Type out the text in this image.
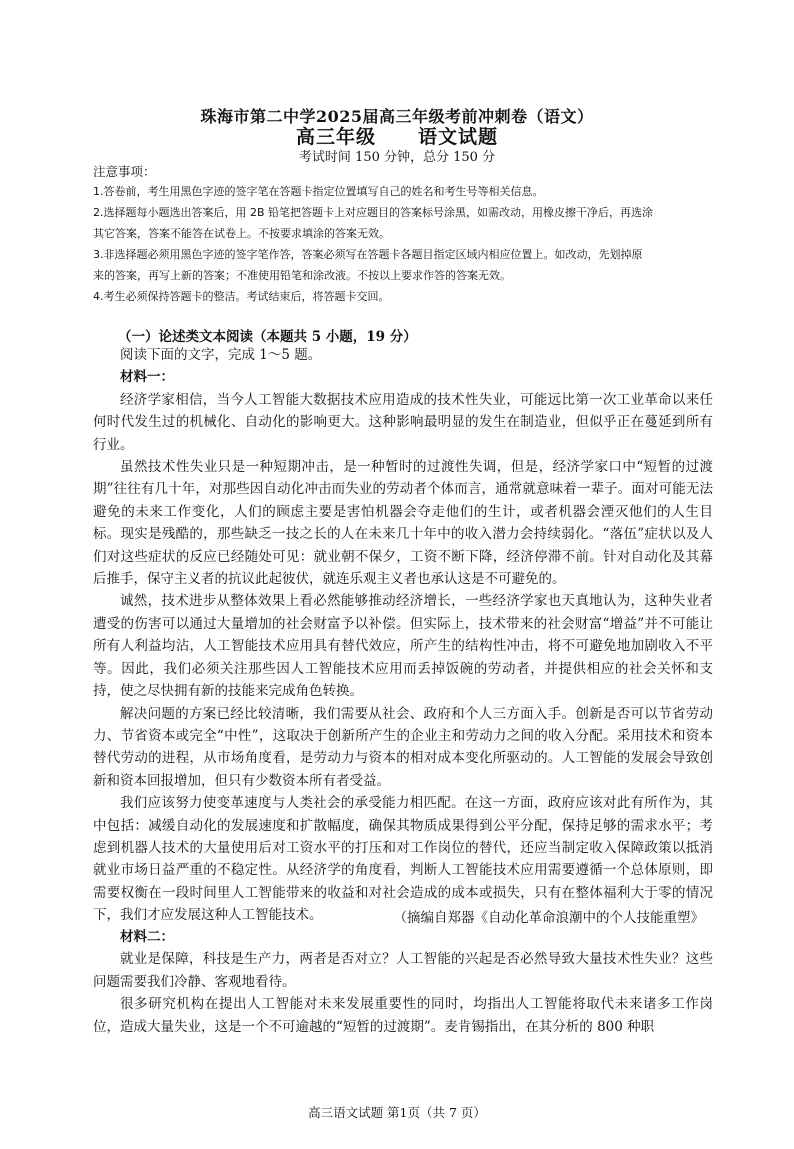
珠海市第二中学2025届高三年级考前冲刺卷（语文）
高三年级 语文试题
考试时间 150 分钟，总分 150 分
注意事项：
1.答卷前，考生用黑色字迹的签字笔在答题卡指定位置填写自己的姓名和考生号等相关信息。
2.选择题每小题选出答案后，用 2B 铅笔把答题卡上对应题目的答案标号涂黑，如需改动，用橡皮擦干净后，再选涂
其它答案，答案不能答在试卷上。不按要求填涂的答案无效。
3.非选择题必须用黑色字迹的签字笔作答，答案必须写在答题卡各题目指定区域内相应位置上。如改动，先划掉原
来的答案，再写上新的答案；不准使用铅笔和涂改液。不按以上要求作答的答案无效。
4.考生必须保持答题卡的整洁。考试结束后，将答题卡交回。
（一）论述类文本阅读（本题共 5 小题，19 分）

阅读下面的文字，完成 1～5 题。

材料一：

经济学家相信，当今人工智能大数据技术应用造成的技术性失业，可能远比第一次工业革命以来任何时代发生过的机械化、自动化的影响更大。这种影响最明显的发生在制造业，但似乎正在蔓延到所有行业。

虽然技术性失业只是一种短期冲击，是一种暂时的过渡性失调，但是，经济学家口中“短暂的过渡期”往往有几十年，对那些因自动化冲击而失业的劳动者个体而言，通常就意味着一辈子。面对可能无法避免的未来工作变化，人们的顾虑主要是害怕机器会夺走他们的生计，或者机器会湮灭他们的人生目标。现实是残酷的，那些缺乏一技之长的人在未来几十年中的收入潜力会持续弱化。“落伍”症状以及人们对这些症状的反应已经随处可见：就业朝不保夕，工资不断下降，经济停滞不前。针对自动化及其幕后推手，保守主义者的抗议此起彼伏，就连乐观主义者也承认这是不可避免的。

诚然，技术进步从整体效果上看必然能够推动经济增长，一些经济学家也天真地认为，这种失业者遭受的伤害可以通过大量增加的社会财富予以补偿。但实际上，技术带来的社会财富“增益”并不可能让所有人利益均沾，人工智能技术应用具有替代效应，所产生的结构性冲击，将不可避免地加剧收入不平等。因此，我们必须关注那些因人工智能技术应用而丢掉饭碗的劳动者，并提供相应的社会关怀和支持，使之尽快拥有新的技能来完成角色转换。

解决问题的方案已经比较清晰，我们需要从社会、政府和个人三方面入手。创新是否可以节省劳动力、节省资本或完全“中性”，这取决于创新所产生的企业主和劳动力之间的收入分配。采用技术和资本替代劳动的进程，从市场角度看，是劳动力与资本的相对成本变化所驱动的。人工智能的发展会导致创新和资本回报增加，但只有少数资本所有者受益。

我们应该努力使变革速度与人类社会的承受能力相匹配。在这一方面，政府应该对此有所作为，其中包括：减缓自动化的发展速度和扩散幅度，确保其物质成果得到公平分配，保持足够的需求水平；考虑到机器人技术的大量使用后对工资水平的打压和对工作岗位的替代，还应当制定收入保障政策以抵消就业市场日益严重的不稳定性。从经济学的角度看，判断人工智能技术应用需要遵循一个总体原则，即需要权衡在一段时间里人工智能带来的收益和对社会造成的成本或损失，只有在整体福利大于零的情况下，我们才应发展这种人工智能技术。	（摘编自郑器《自动化革命浪潮中的个人技能重塑》

材料二：

就业是保障，科技是生产力，两者是否对立？人工智能的兴起是否必然导致大量技术性失业？这些问题需要我们冷静、客观地看待。

很多研究机构在提出人工智能对未来发展重要性的同时，均指出人工智能将取代未来诸多工作岗位，造成大量失业，这是一个不可逾越的“短暂的过渡期”。麦肯锡指出，在其分析的 800 种职

高三语文试题 第1页（共 7 页）
